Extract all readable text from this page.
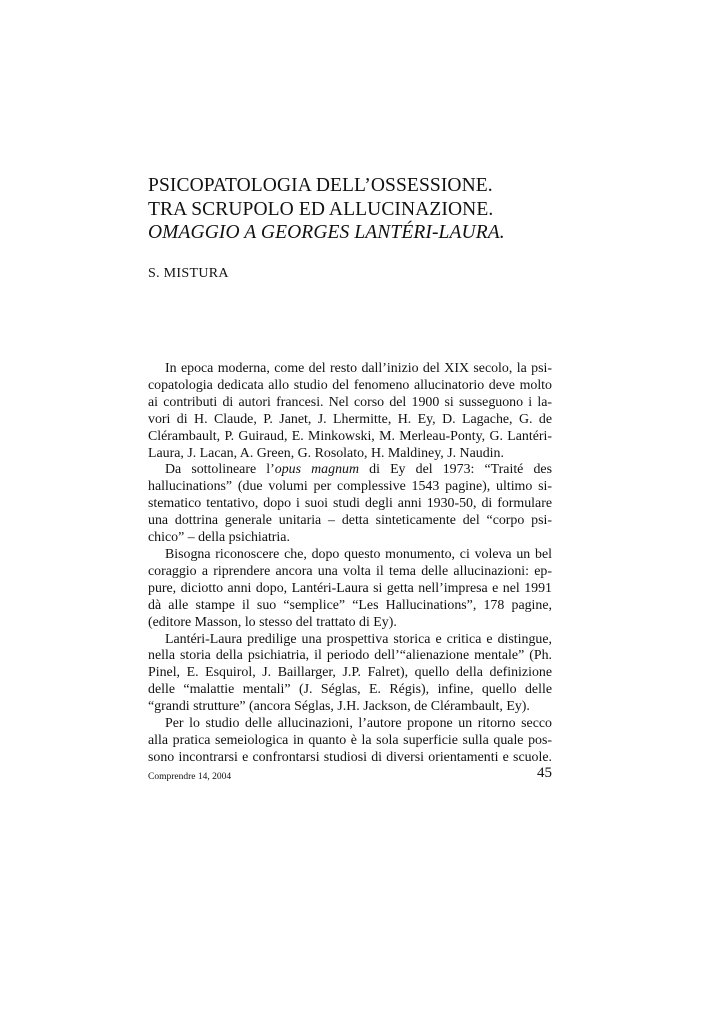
PSICOPATOLOGIA DELL’OSSESSIONE.
TRA SCRUPOLO ED ALLUCINAZIONE.
OMAGGIO A GEORGES LANTÉRI-LAURA.
S. MISTURA
In epoca moderna, come del resto dall’inizio del XIX secolo, la psi-
copatologia dedicata allo studio del fenomeno allucinatorio deve molto
ai contributi di autori francesi. Nel corso del 1900 si susseguono i la-
vori di H. Claude, P. Janet, J. Lhermitte, H. Ey, D. Lagache, G. de
Clérambault, P. Guiraud, E. Minkowski, M. Merleau-Ponty, G. Lantéri-
Laura, J. Lacan, A. Green, G. Rosolato, H. Maldiney, J. Naudin.
Da sottolineare l’opus magnum di Ey del 1973: “Traité des
hallucinations” (due volumi per complessive 1543 pagine), ultimo si-
stematico tentativo, dopo i suoi studi degli anni 1930-50, di formulare
una dottrina generale unitaria – detta sinteticamente del “corpo psi-
chico” – della psichiatria.
Bisogna riconoscere che, dopo questo monumento, ci voleva un bel
coraggio a riprendere ancora una volta il tema delle allucinazioni: ep-
pure, diciotto anni dopo, Lantéri-Laura si getta nell’impresa e nel 1991
dà alle stampe il suo “semplice” “Les Hallucinations”, 178 pagine,
(editore Masson, lo stesso del trattato di Ey).
Lantéri-Laura predilige una prospettiva storica e critica e distingue,
nella storia della psichiatria, il periodo dell’“alienazione mentale” (Ph.
Pinel, E. Esquirol, J. Baillarger, J.P. Falret), quello della definizione
delle “malattie mentali” (J. Séglas, E. Régis), infine, quello delle
“grandi strutture” (ancora Séglas, J.H. Jackson, de Clérambault, Ey).
Per lo studio delle allucinazioni, l’autore propone un ritorno secco
alla pratica semeiologica in quanto è la sola superficie sulla quale pos-
sono incontrarsi e confrontarsi studiosi di diversi orientamenti e scuole.
Comprendre 14, 2004	45
